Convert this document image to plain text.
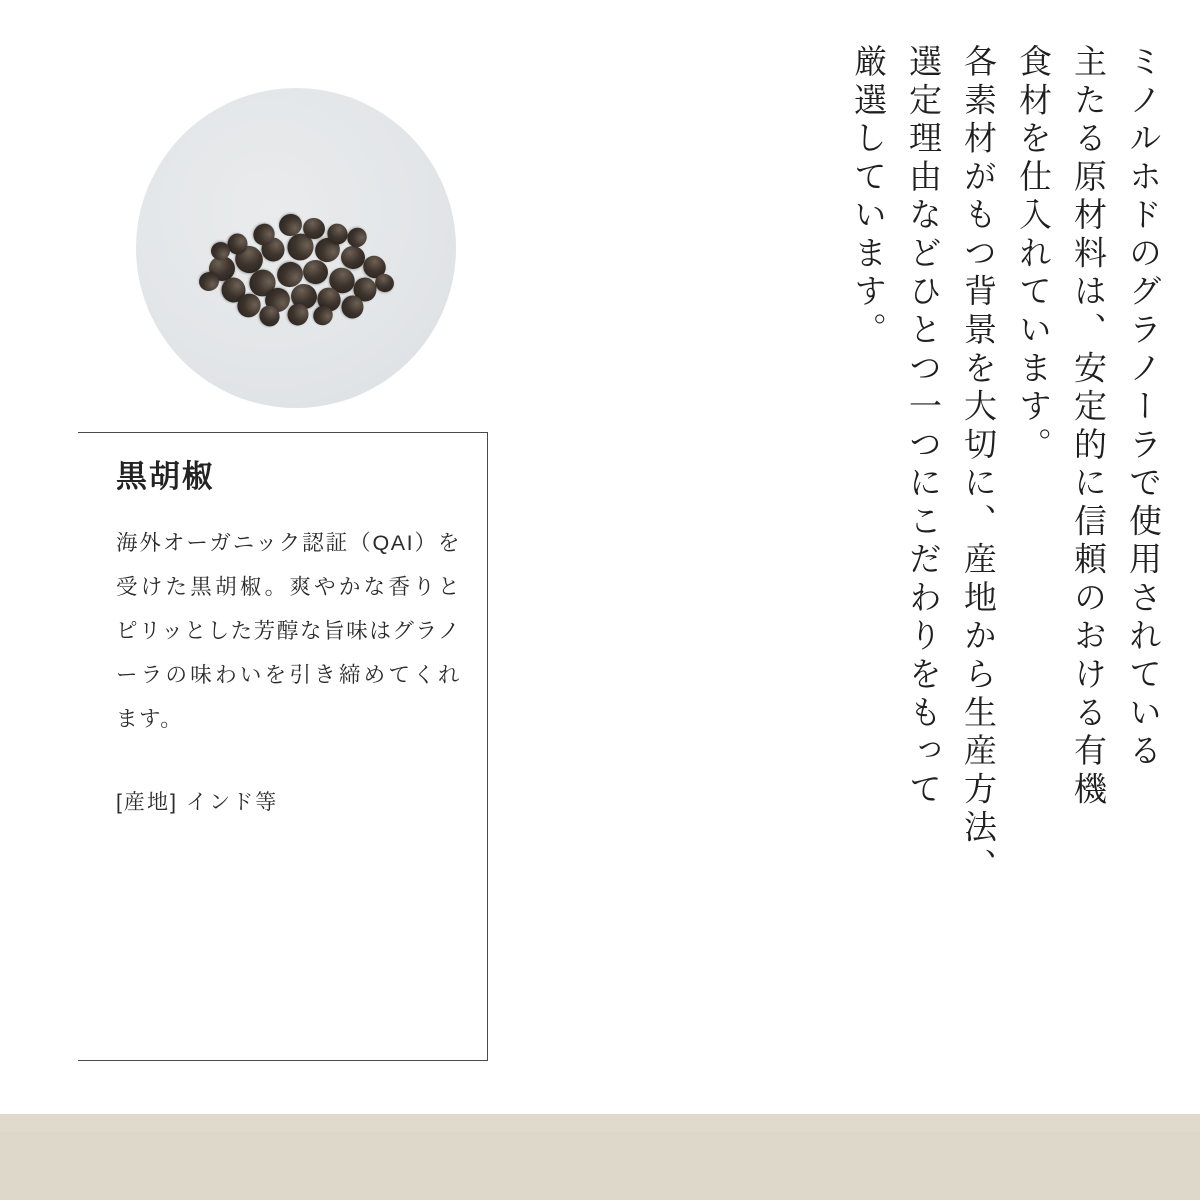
黒胡椒

海外オーガニック認証（QAI）を受けた黒胡椒。爽やかな香りとピリッとした芳醇な旨味はグラノーラの味わいを引き締めてくれます。

[産地] インド等
ミノルホドのグラノーラで使用されている
主たる原材料は、安定的に信頼のおける有機
食材を仕入れています。
各素材がもつ背景を大切に、産地から生産方法、
選定理由などひとつ一つにこだわりをもって
厳選しています。
